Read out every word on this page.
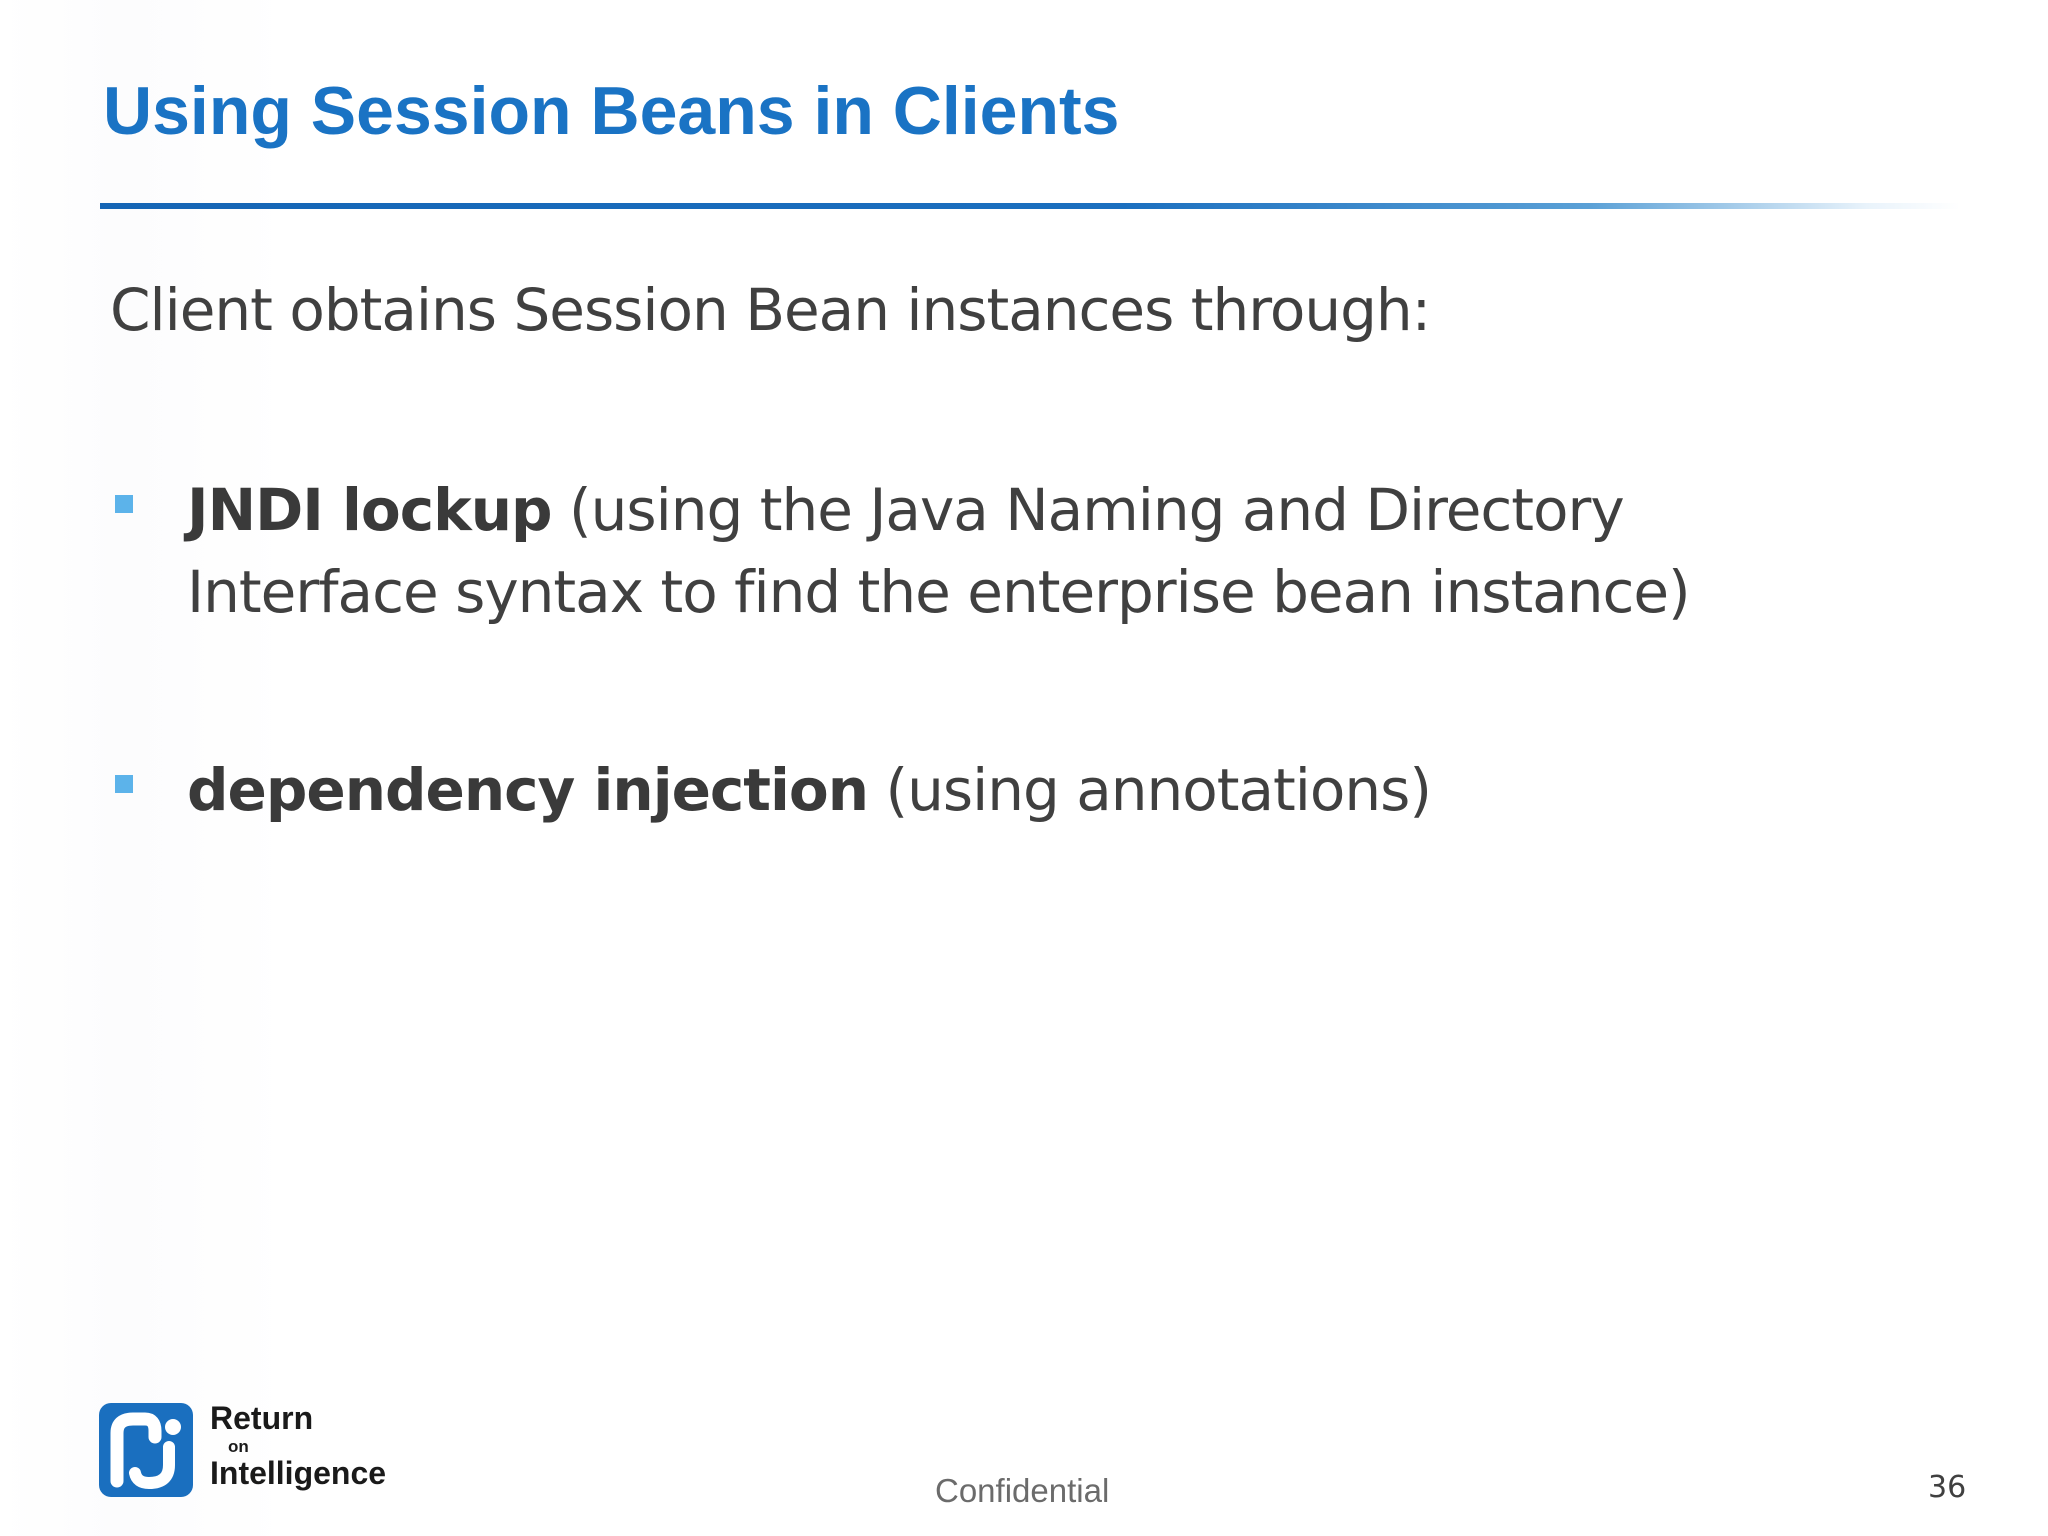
Using Session Beans in Clients
Client obtains Session Bean instances through:
JNDI lockup (using the Java Naming and Directory
Interface syntax to find the enterprise bean instance)
dependency injection (using annotations)
Return
on
Intelligence	Confidential	36
